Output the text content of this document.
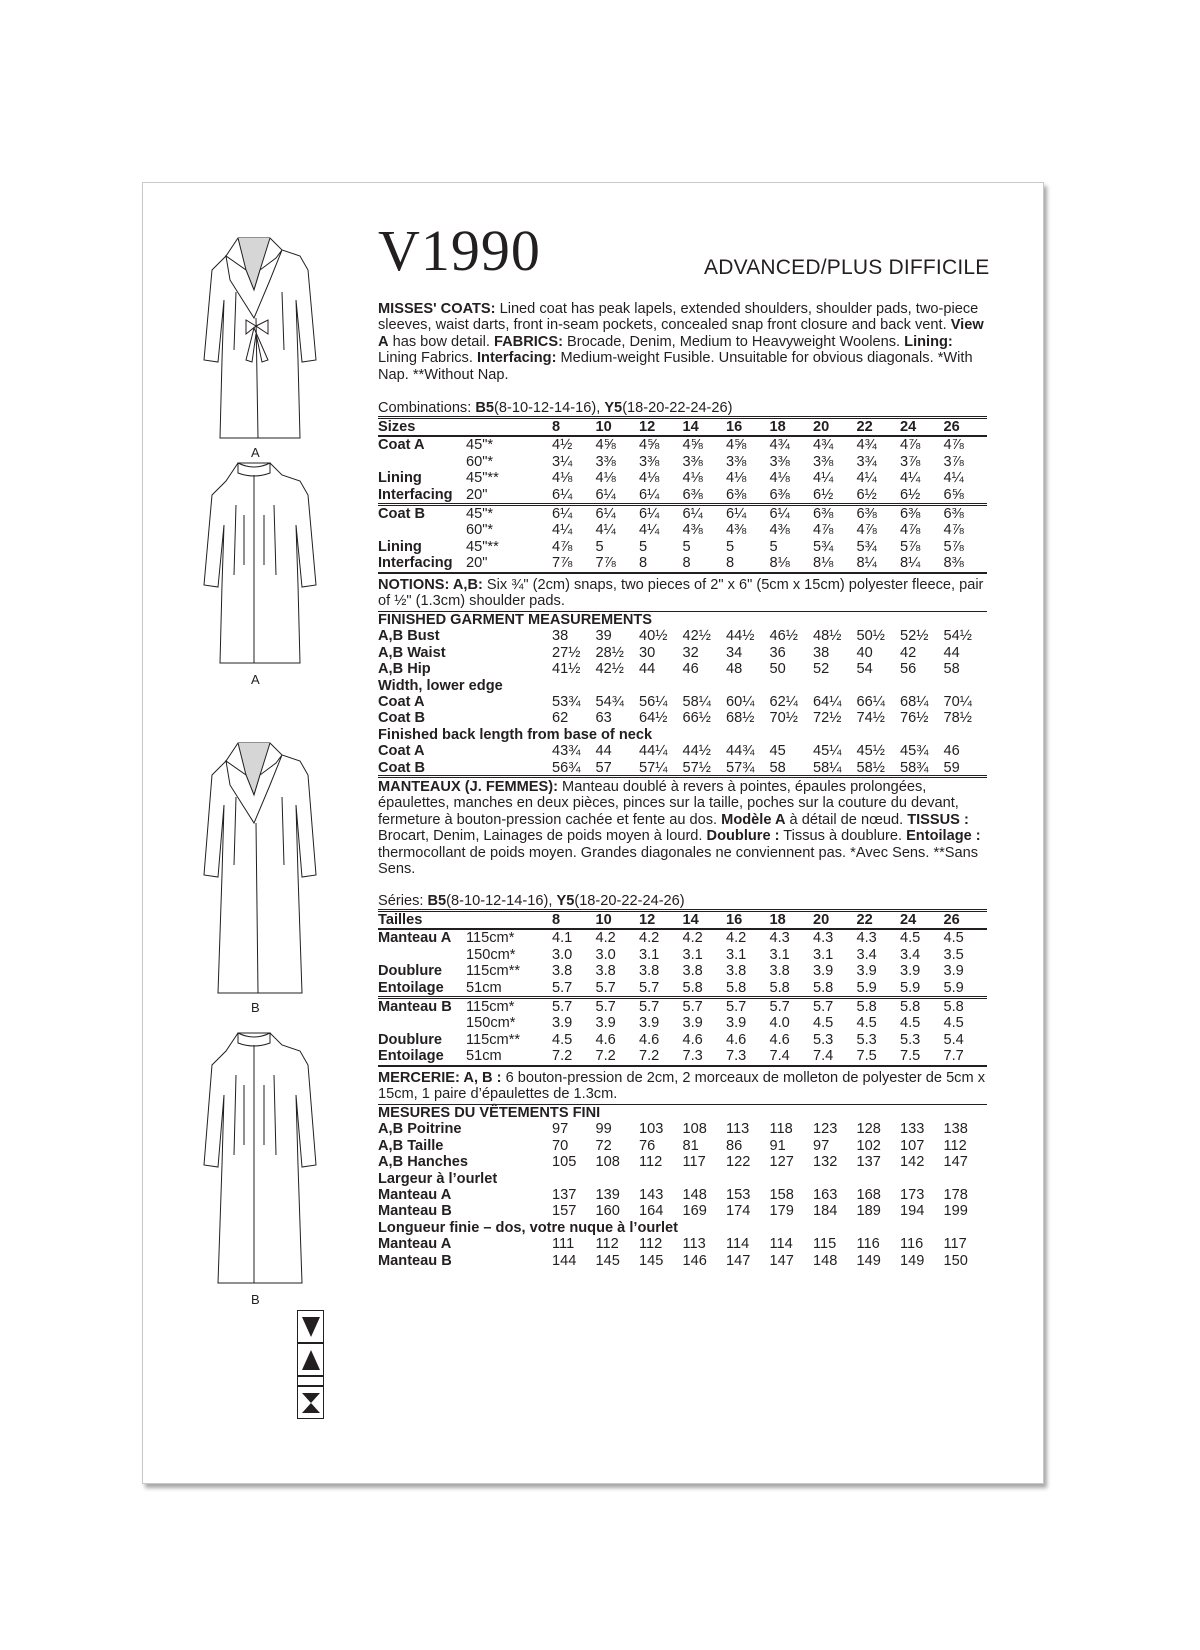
V1990	ADVANCED/PLUS DIFFICILE
A
A
B
B
MISSES' COATS: Lined coat has peak lapels, extended shoulders, shoulder pads, two-piece sleeves, waist darts, front in-seam pockets, concealed snap front closure and back vent. View A has bow detail. FABRICS: Brocade, Denim, Medium to Heavyweight Woolens. Lining: Lining Fabrics. Interfacing: Medium-weight Fusible. Unsuitable for obvious diagonals. *With Nap. **Without Nap.
Combinations: B5(8-10-12-14-16), Y5(18-20-22-24-26)
Sizes		8	10	12	14	16	18	20	22	24	26
Coat A	45"*	4½	4⅝	4⅝	4⅝	4⅝	4¾	4¾	4¾	4⅞	4⅞
	60"*	3¼	3⅜	3⅜	3⅜	3⅜	3⅜	3⅜	3¾	3⅞	3⅞
Lining	45"**	4⅛	4⅛	4⅛	4⅛	4⅛	4⅛	4¼	4¼	4¼	4¼
Interfacing	20"	6¼	6¼	6¼	6⅜	6⅜	6⅜	6½	6½	6½	6⅝
Coat B	45"*	6¼	6¼	6¼	6¼	6¼	6¼	6⅜	6⅜	6⅜	6⅜
	60"*	4¼	4¼	4¼	4⅜	4⅜	4⅜	4⅞	4⅞	4⅞	4⅞
Lining	45"**	4⅞	5	5	5	5	5	5¾	5¾	5⅞	5⅞
Interfacing	20"	7⅞	7⅞	8	8	8	8⅛	8⅛	8¼	8¼	8⅜

NOTIONS: A,B: Six ¾" (2cm) snaps, two pieces of 2" x 6" (5cm x 15cm) polyester fleece, pair of ½" (1.3cm) shoulder pads.
FINISHED GARMENT MEASUREMENTS
A,B Bust	38	39	40½	42½	44½	46½	48½	50½	52½	54½
A,B Waist	27½	28½	30	32	34	36	38	40	42	44
A,B Hip	41½	42½	44	46	48	50	52	54	56	58
Width, lower edge										
Coat A	53¾	54¾	56¼	58¼	60¼	62¼	64¼	66¼	68¼	70¼
Coat B	62	63	64½	66½	68½	70½	72½	74½	76½	78½
Finished back length from base of neck										
Coat A	43¾	44	44¼	44½	44¾	45	45¼	45½	45¾	46
Coat B	56¾	57	57¼	57½	57¾	58	58¼	58½	58¾	59
MANTEAUX (J. FEMMES): Manteau doublé à revers à pointes, épaules prolongées, épaulettes, manches en deux pièces, pinces sur la taille, poches sur la couture du devant, fermeture à bouton-pression cachée et fente au dos. Modèle A à détail de nœud. TISSUS : Brocart, Denim, Lainages de poids moyen à lourd. Doublure : Tissus à doublure. Entoilage : thermocollant de poids moyen. Grandes diagonales ne conviennent pas. *Avec Sens. **Sans Sens.
Séries: B5(8-10-12-14-16), Y5(18-20-22-24-26)
Tailles		8	10	12	14	16	18	20	22	24	26
Manteau A	115cm*	4.1	4.2	4.2	4.2	4.2	4.3	4.3	4.3	4.5	4.5
	150cm*	3.0	3.0	3.1	3.1	3.1	3.1	3.1	3.4	3.4	3.5
Doublure	115cm**	3.8	3.8	3.8	3.8	3.8	3.8	3.9	3.9	3.9	3.9
Entoilage	51cm	5.7	5.7	5.7	5.8	5.8	5.8	5.8	5.9	5.9	5.9
Manteau B	115cm*	5.7	5.7	5.7	5.7	5.7	5.7	5.7	5.8	5.8	5.8
	150cm*	3.9	3.9	3.9	3.9	3.9	4.0	4.5	4.5	4.5	4.5
Doublure	115cm**	4.5	4.6	4.6	4.6	4.6	4.6	5.3	5.3	5.3	5.4
Entoilage	51cm	7.2	7.2	7.2	7.3	7.3	7.4	7.4	7.5	7.5	7.7

MERCERIE: A, B : 6 bouton-pression de 2cm, 2 morceaux de molleton de polyester de 5cm x 15cm, 1 paire d’épaulettes de 1.3cm.
MESURES DU VÊTEMENTS FINI
A,B Poitrine	97	99	103	108	113	118	123	128	133	138
A,B Taille	70	72	76	81	86	91	97	102	107	112
A,B Hanches	105	108	112	117	122	127	132	137	142	147
Largeur à l’ourlet										
Manteau A	137	139	143	148	153	158	163	168	173	178
Manteau B	157	160	164	169	174	179	184	189	194	199
Longueur finie – dos, votre nuque à l’ourlet										
Manteau A	111	112	112	113	114	114	115	116	116	117
Manteau B	144	145	145	146	147	147	148	149	149	150
